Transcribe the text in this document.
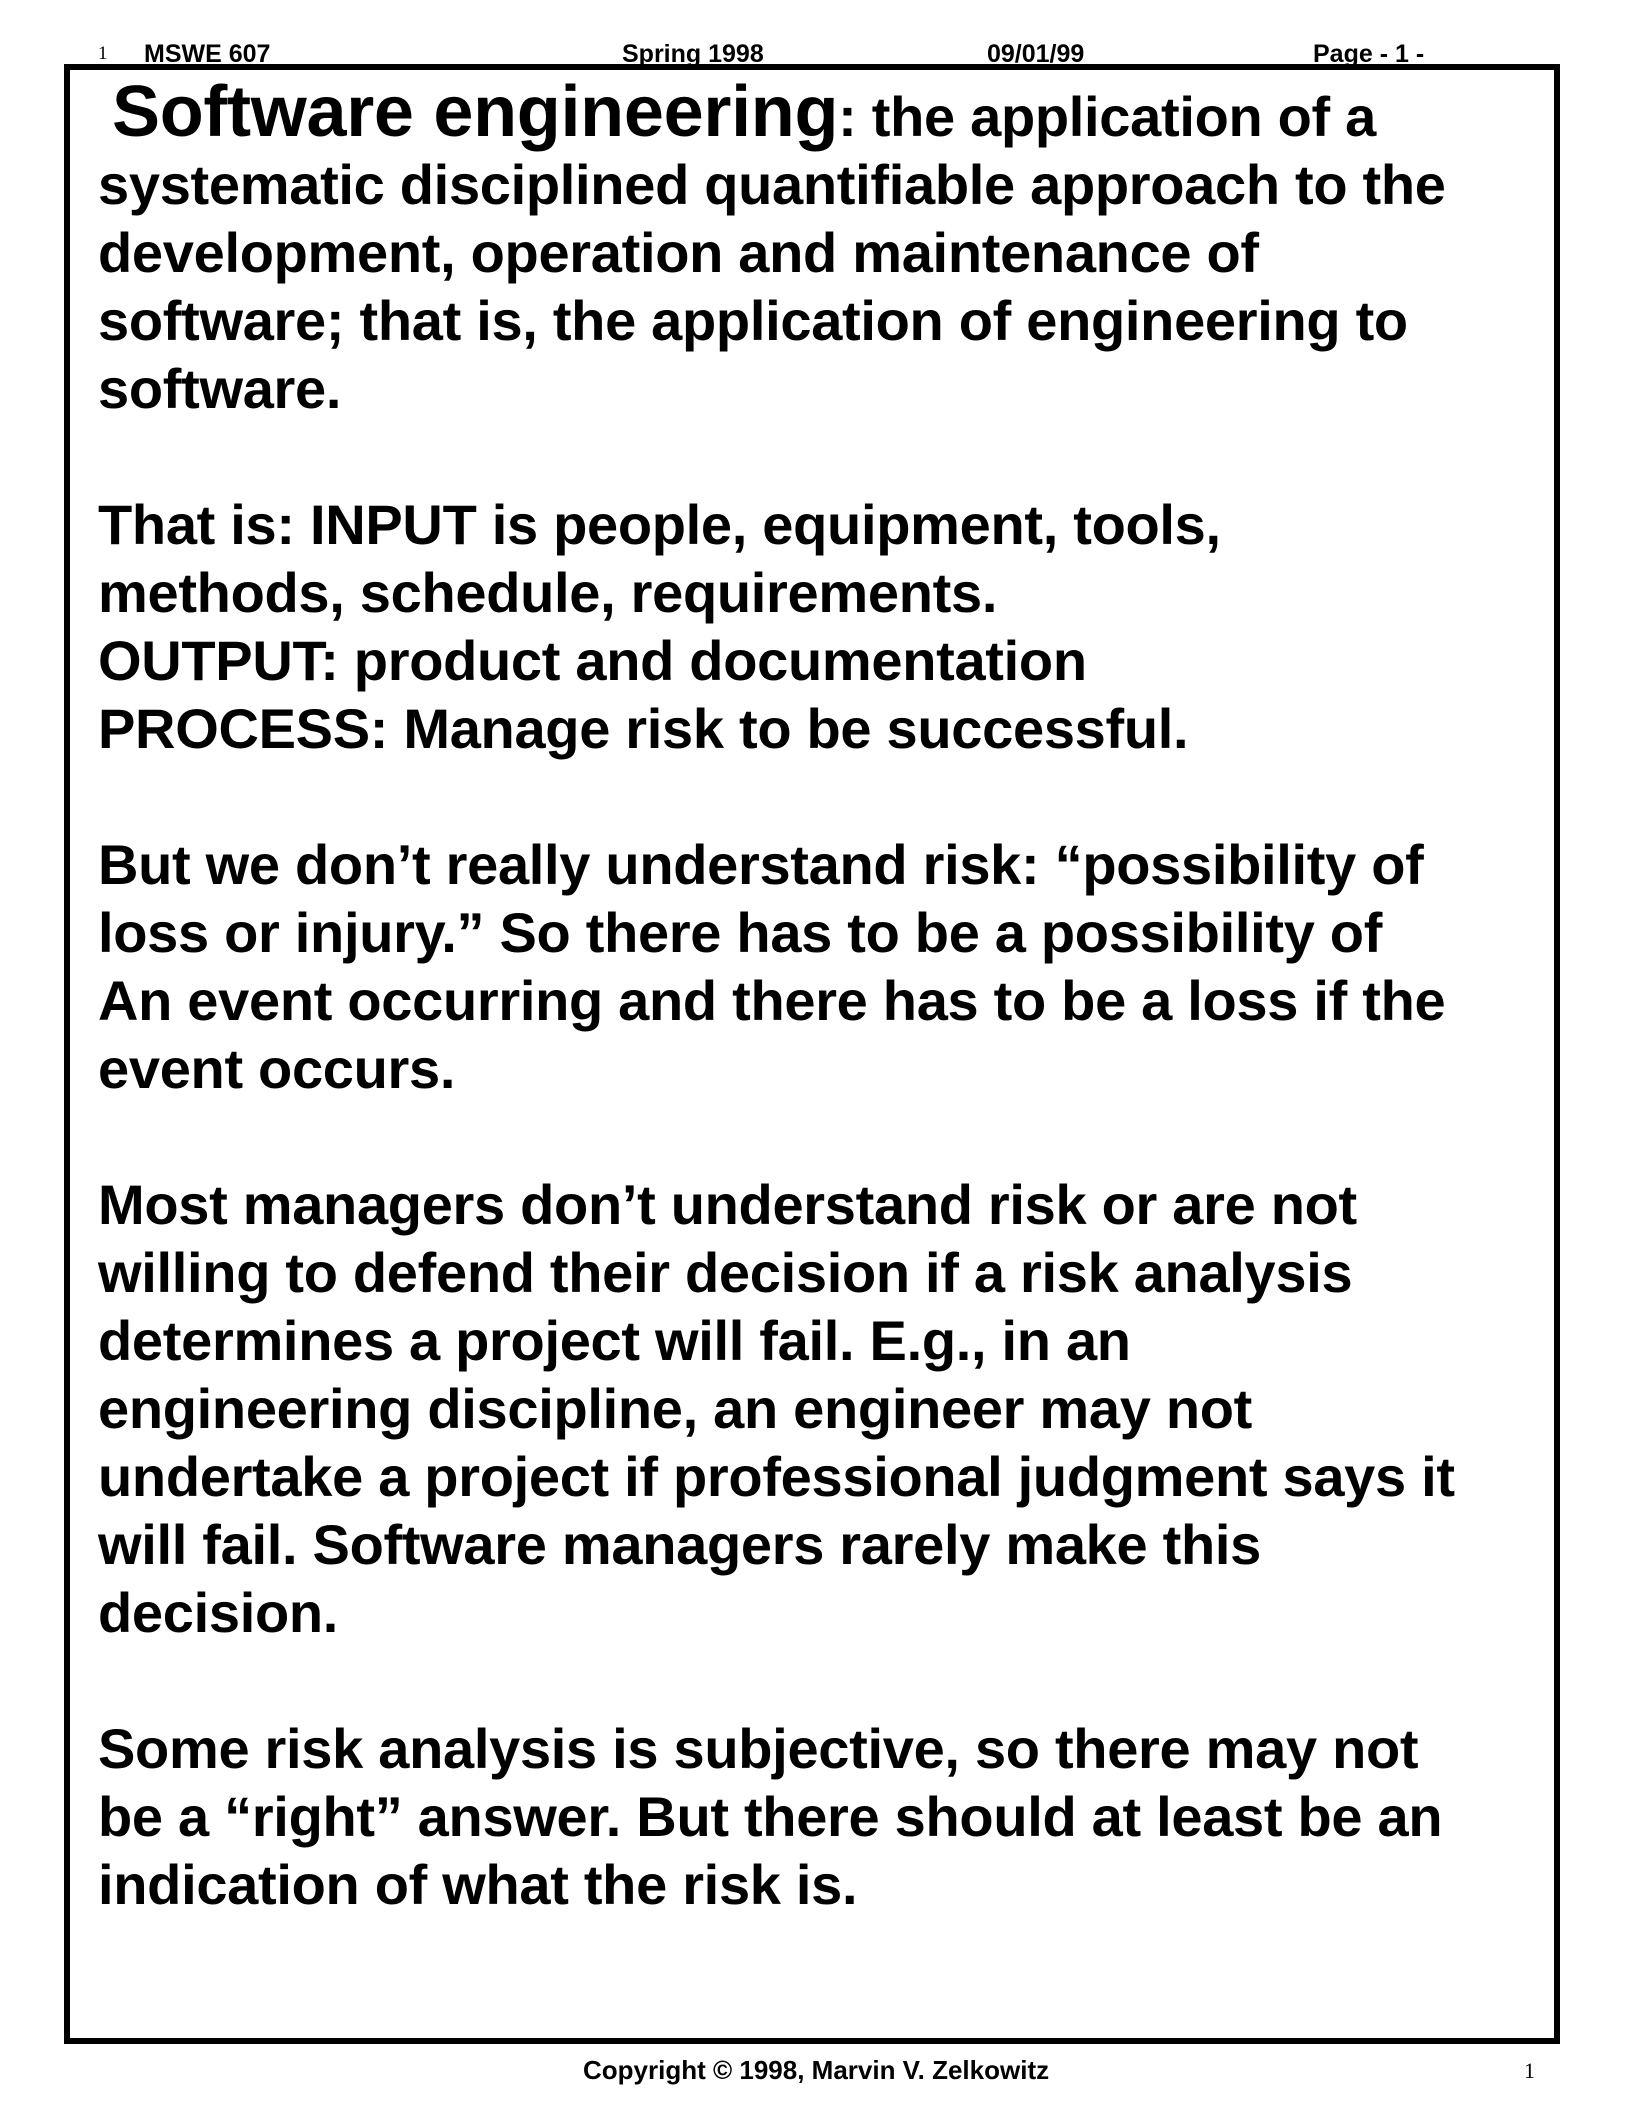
1 MSWE 607	Spring 1998	09/01/99	Page - 1 -

Software engineering: the application of a
systematic disciplined quantifiable approach to the
development, operation and maintenance of
software; that is, the application of engineering to
software.

That is: INPUT is people, equipment, tools,
methods, schedule, requirements.
OUTPUT: product and documentation
PROCESS: Manage risk to be successful.

But we don’t really understand risk: “possibility of
loss or injury.” So there has to be a possibility of
An event occurring and there has to be a loss if the
event occurs.

Most managers don’t understand risk or are not
willing to defend their decision if a risk analysis
determines a project will fail. E.g., in an
engineering discipline, an engineer may not
undertake a project if professional judgment says it
will fail. Software managers rarely make this
decision.

Some risk analysis is subjective, so there may not
be a “right” answer. But there should at least be an
indication of what the risk is.

Copyright © 1998, Marvin V. Zelkowitz	1
